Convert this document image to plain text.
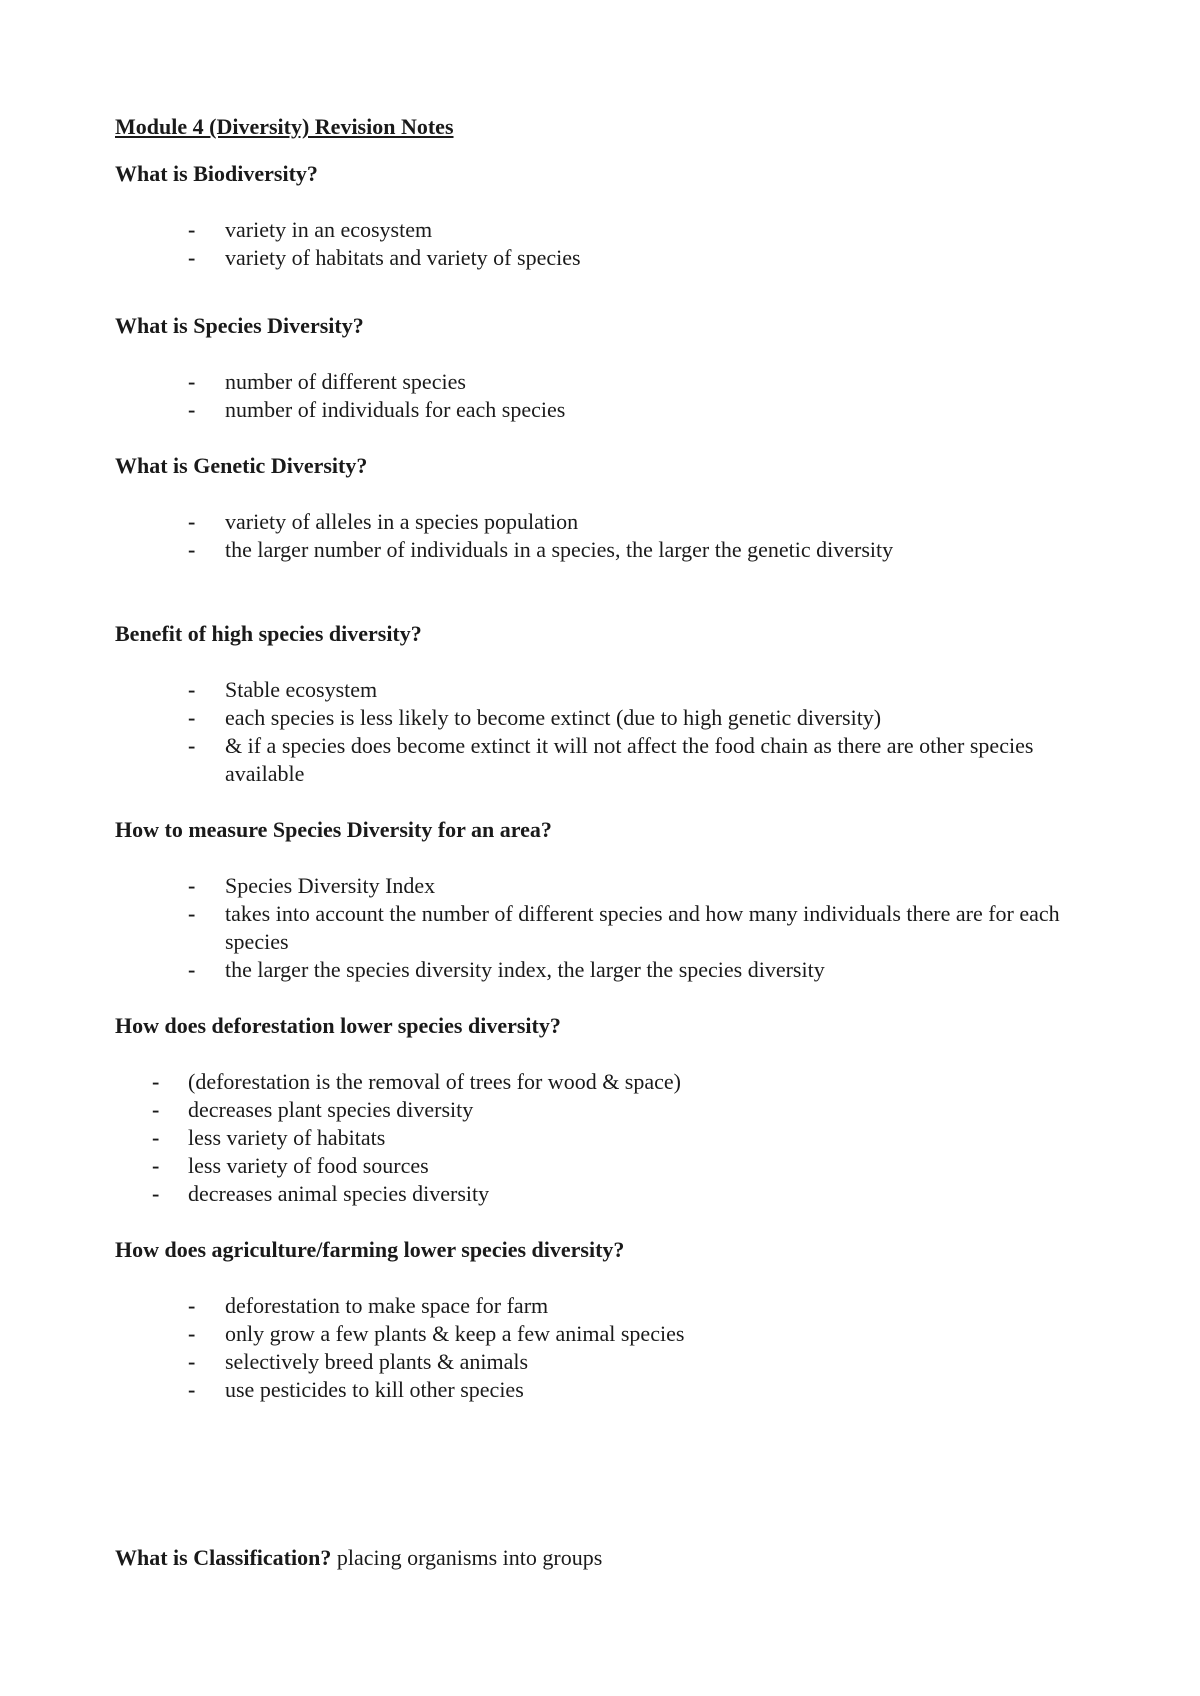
Module 4 (Diversity) Revision Notes
What is Biodiversity?
- variety in an ecosystem
- variety of habitats and variety of species
What is Species Diversity?
- number of different species
- number of individuals for each species
What is Genetic Diversity?
- variety of alleles in a species population
- the larger number of individuals in a species, the larger the genetic diversity
Benefit of high species diversity?
- Stable ecosystem
- each species is less likely to become extinct (due to high genetic diversity)
- & if a species does become extinct it will not affect the food chain as there are other species available
How to measure Species Diversity for an area?
- Species Diversity Index
- takes into account the number of different species and how many individuals there are for each species
- the larger the species diversity index, the larger the species diversity
How does deforestation lower species diversity?
- (deforestation is the removal of trees for wood & space)
- decreases plant species diversity
- less variety of habitats
- less variety of food sources
- decreases animal species diversity
How does agriculture/farming lower species diversity?
- deforestation to make space for farm
- only grow a few plants & keep a few animal species
- selectively breed plants & animals
- use pesticides to kill other species
What is Classification? placing organisms into groups
